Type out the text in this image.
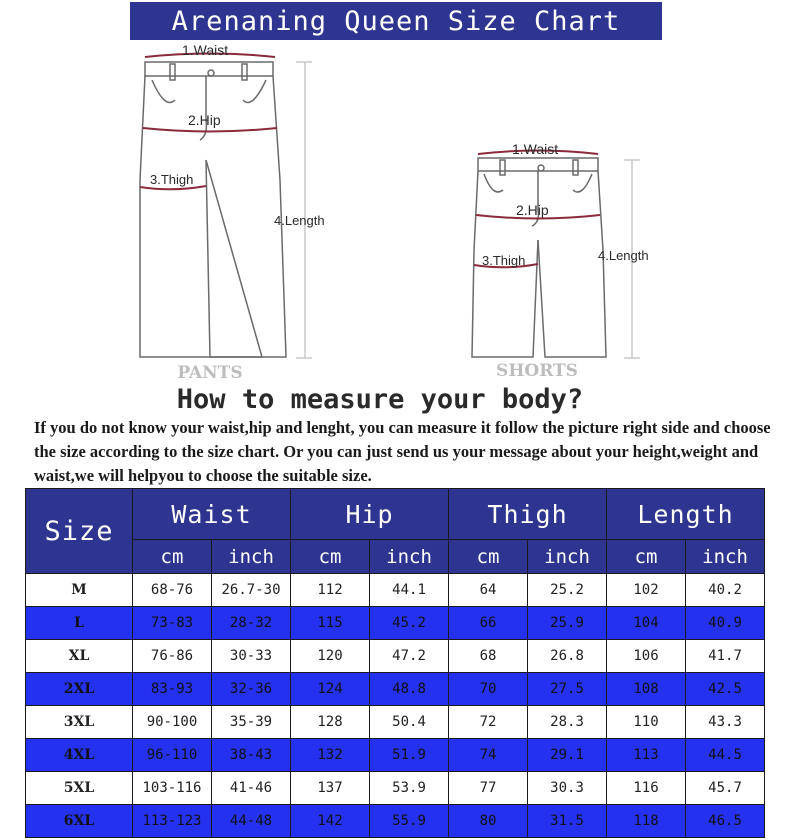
Arenaning Queen Size Chart
1.Waist
2.Hip
3.Thigh
4.Length
PANTS
1.Waist
2.Hip
3.Thigh	4.Length
SHORTS
How to measure your body?
If you do not know your waist,hip and lenght, you can measure it follow the picture right side and choose the size according to the size chart. Or you can just send us your message about your height,weight and waist,we will helpyou to choose the suitable size.
Size	Waist		Hip		Thigh		Length	
	cm	inch	cm	inch	cm	inch	cm	inch
M	68-76	26.7-30	112	44.1	64	25.2	102	40.2
L	73-83	28-32	115	45.2	66	25.9	104	40.9
XL	76-86	30-33	120	47.2	68	26.8	106	41.7
2XL	83-93	32-36	124	48.8	70	27.5	108	42.5
3XL	90-100	35-39	128	50.4	72	28.3	110	43.3
4XL	96-110	38-43	132	51.9	74	29.1	113	44.5
5XL	103-116	41-46	137	53.9	77	30.3	116	45.7
6XL	113-123	44-48	142	55.9	80	31.5	118	46.5
